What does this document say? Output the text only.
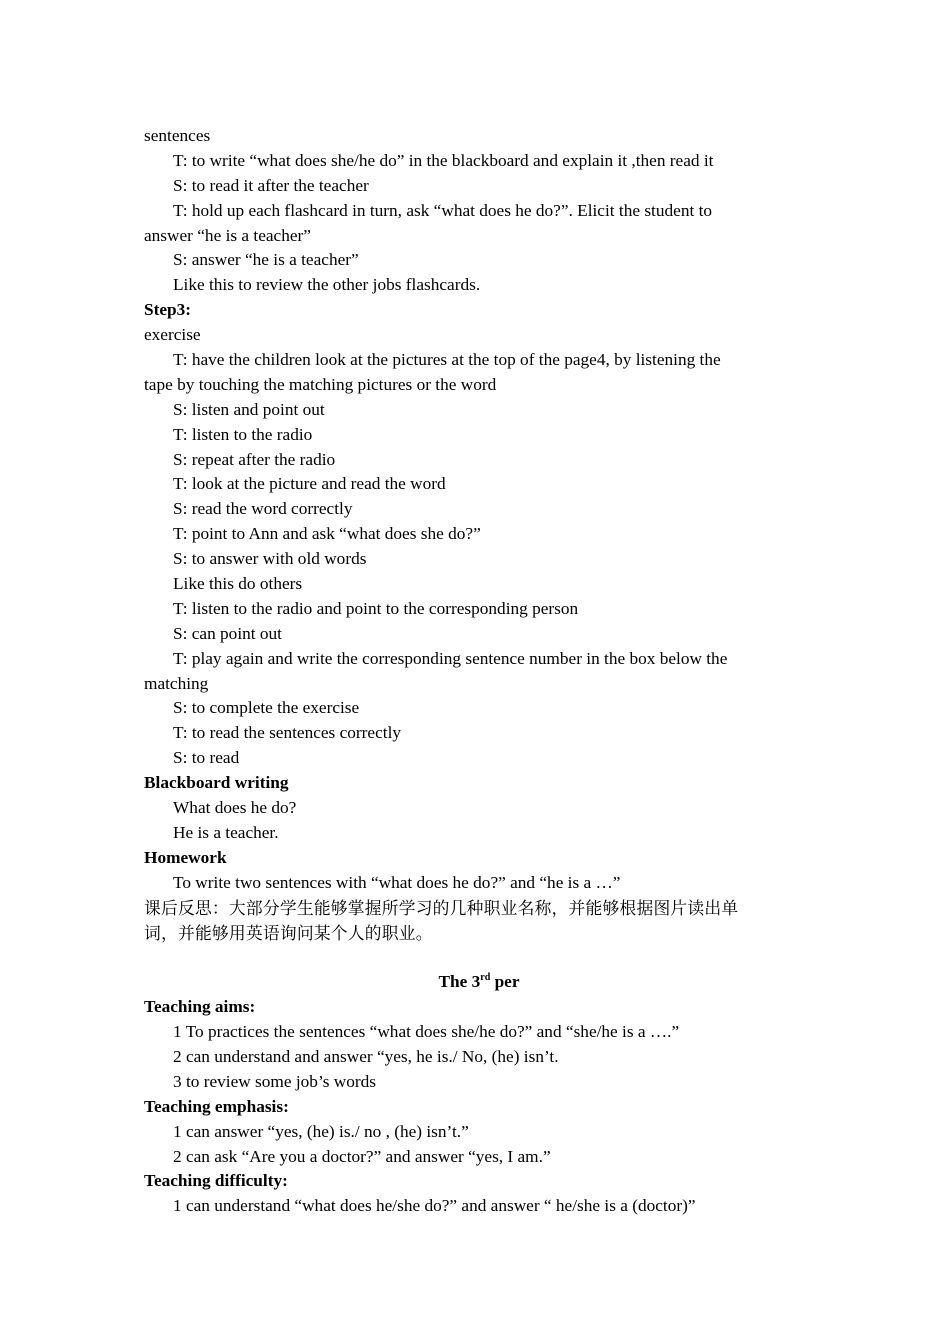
sentences
T: to write “what does she/he do” in the blackboard and explain it ,then read it
S: to read it after the teacher
T: hold up each flashcard in turn, ask “what does he do?”. Elicit the student to
answer “he is a teacher”
S: answer “he is a teacher”
Like this to review the other jobs flashcards.
Step3:
exercise
T: have the children look at the pictures at the top of the page4, by listening the
tape by touching the matching pictures or the word
S: listen and point out
T: listen to the radio
S: repeat after the radio
T: look at the picture and read the word
S: read the word correctly
T: point to Ann and ask “what does she do?”
S: to answer with old words
Like this do others
T: listen to the radio and point to the corresponding person
S: can point out
T: play again and write the corresponding sentence number in the box below the
matching
S: to complete the exercise
T: to read the sentences correctly
S: to read
Blackboard writing
What does he do?
He is a teacher.
Homework
To write two sentences with “what does he do?” and “he is a …”
课后反思：大部分学生能够掌握所学习的几种职业名称，并能够根据图片读出单
词，并能够用英语询问某个人的职业。
The 3rd per
Teaching aims:
1 To practices the sentences “what does she/he do?” and “she/he is a ….”
2 can understand and answer “yes, he is./ No, (he) isn’t.
3 to review some job’s words
Teaching emphasis:
1 can answer “yes, (he) is./ no , (he) isn’t.”
2 can ask “Are you a doctor?” and answer “yes, I am.”
Teaching difficulty:
1 can understand “what does he/she do?” and answer “ he/she is a (doctor)”
